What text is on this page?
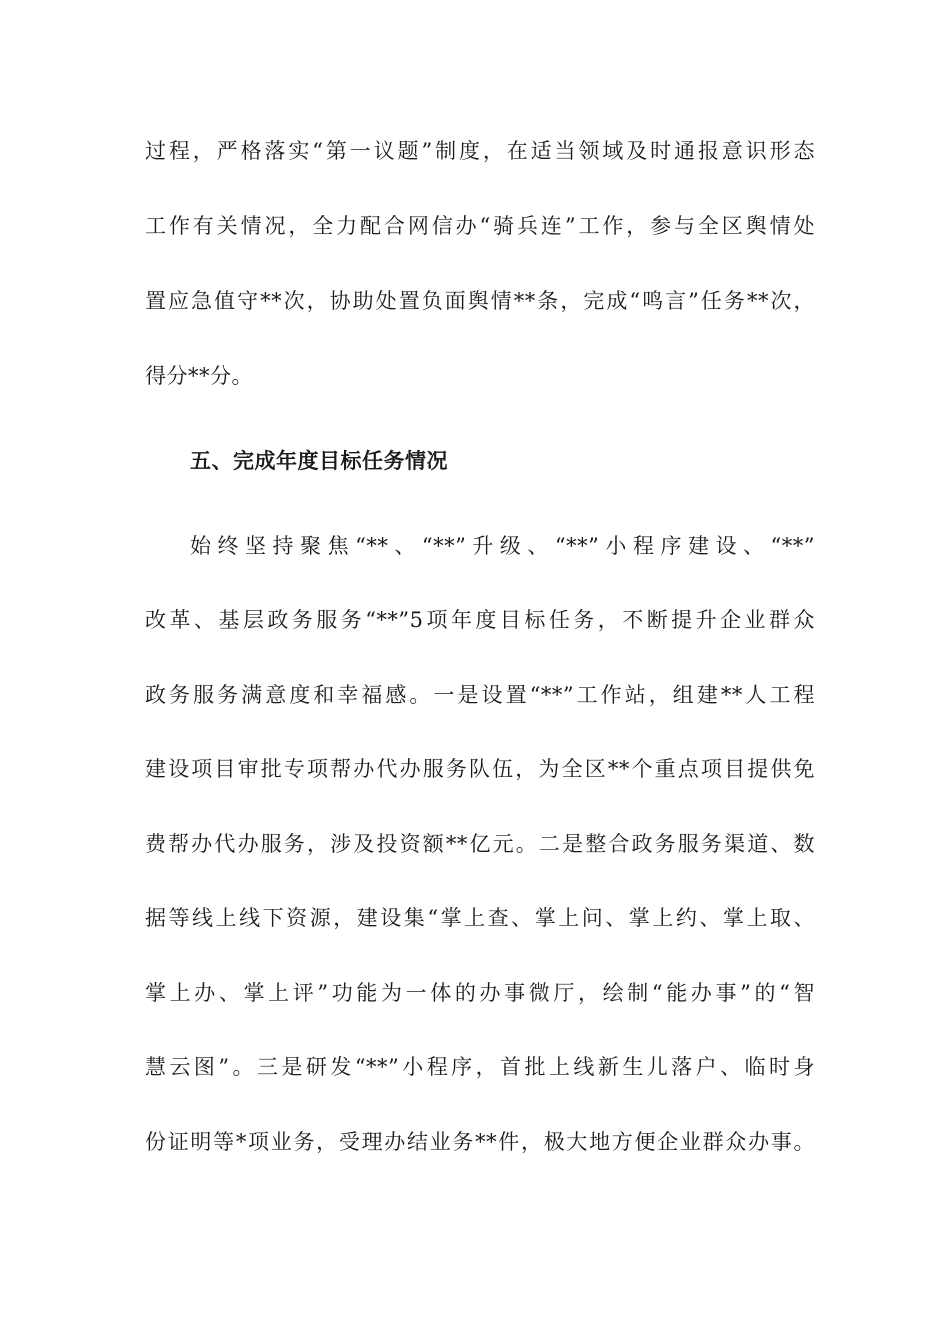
过程，严格落实“第一议题”制度，在适当领域及时通报意识形态
工作有关情况，全力配合网信办“骑兵连”工作，参与全区舆情处
置应急值守**次，协助处置负面舆情**条，完成“鸣言”任务**次，
得分**分。
五、完成年度目标任务情况
始终坚持聚焦“**、“**”升级、“**”小程序建设、“**”
改革、基层政务服务“**”5项年度目标任务，不断提升企业群众
政务服务满意度和幸福感。一是设置“**”工作站，组建**人工程
建设项目审批专项帮办代办服务队伍，为全区**个重点项目提供免
费帮办代办服务，涉及投资额**亿元。二是整合政务服务渠道、数
据等线上线下资源，建设集“掌上查、掌上问、掌上约、掌上取、
掌上办、掌上评”功能为一体的办事微厅，绘制“能办事”的“智
慧云图”。三是研发“**”小程序，首批上线新生儿落户、临时身
份证明等*项业务，受理办结业务**件，极大地方便企业群众办事。
